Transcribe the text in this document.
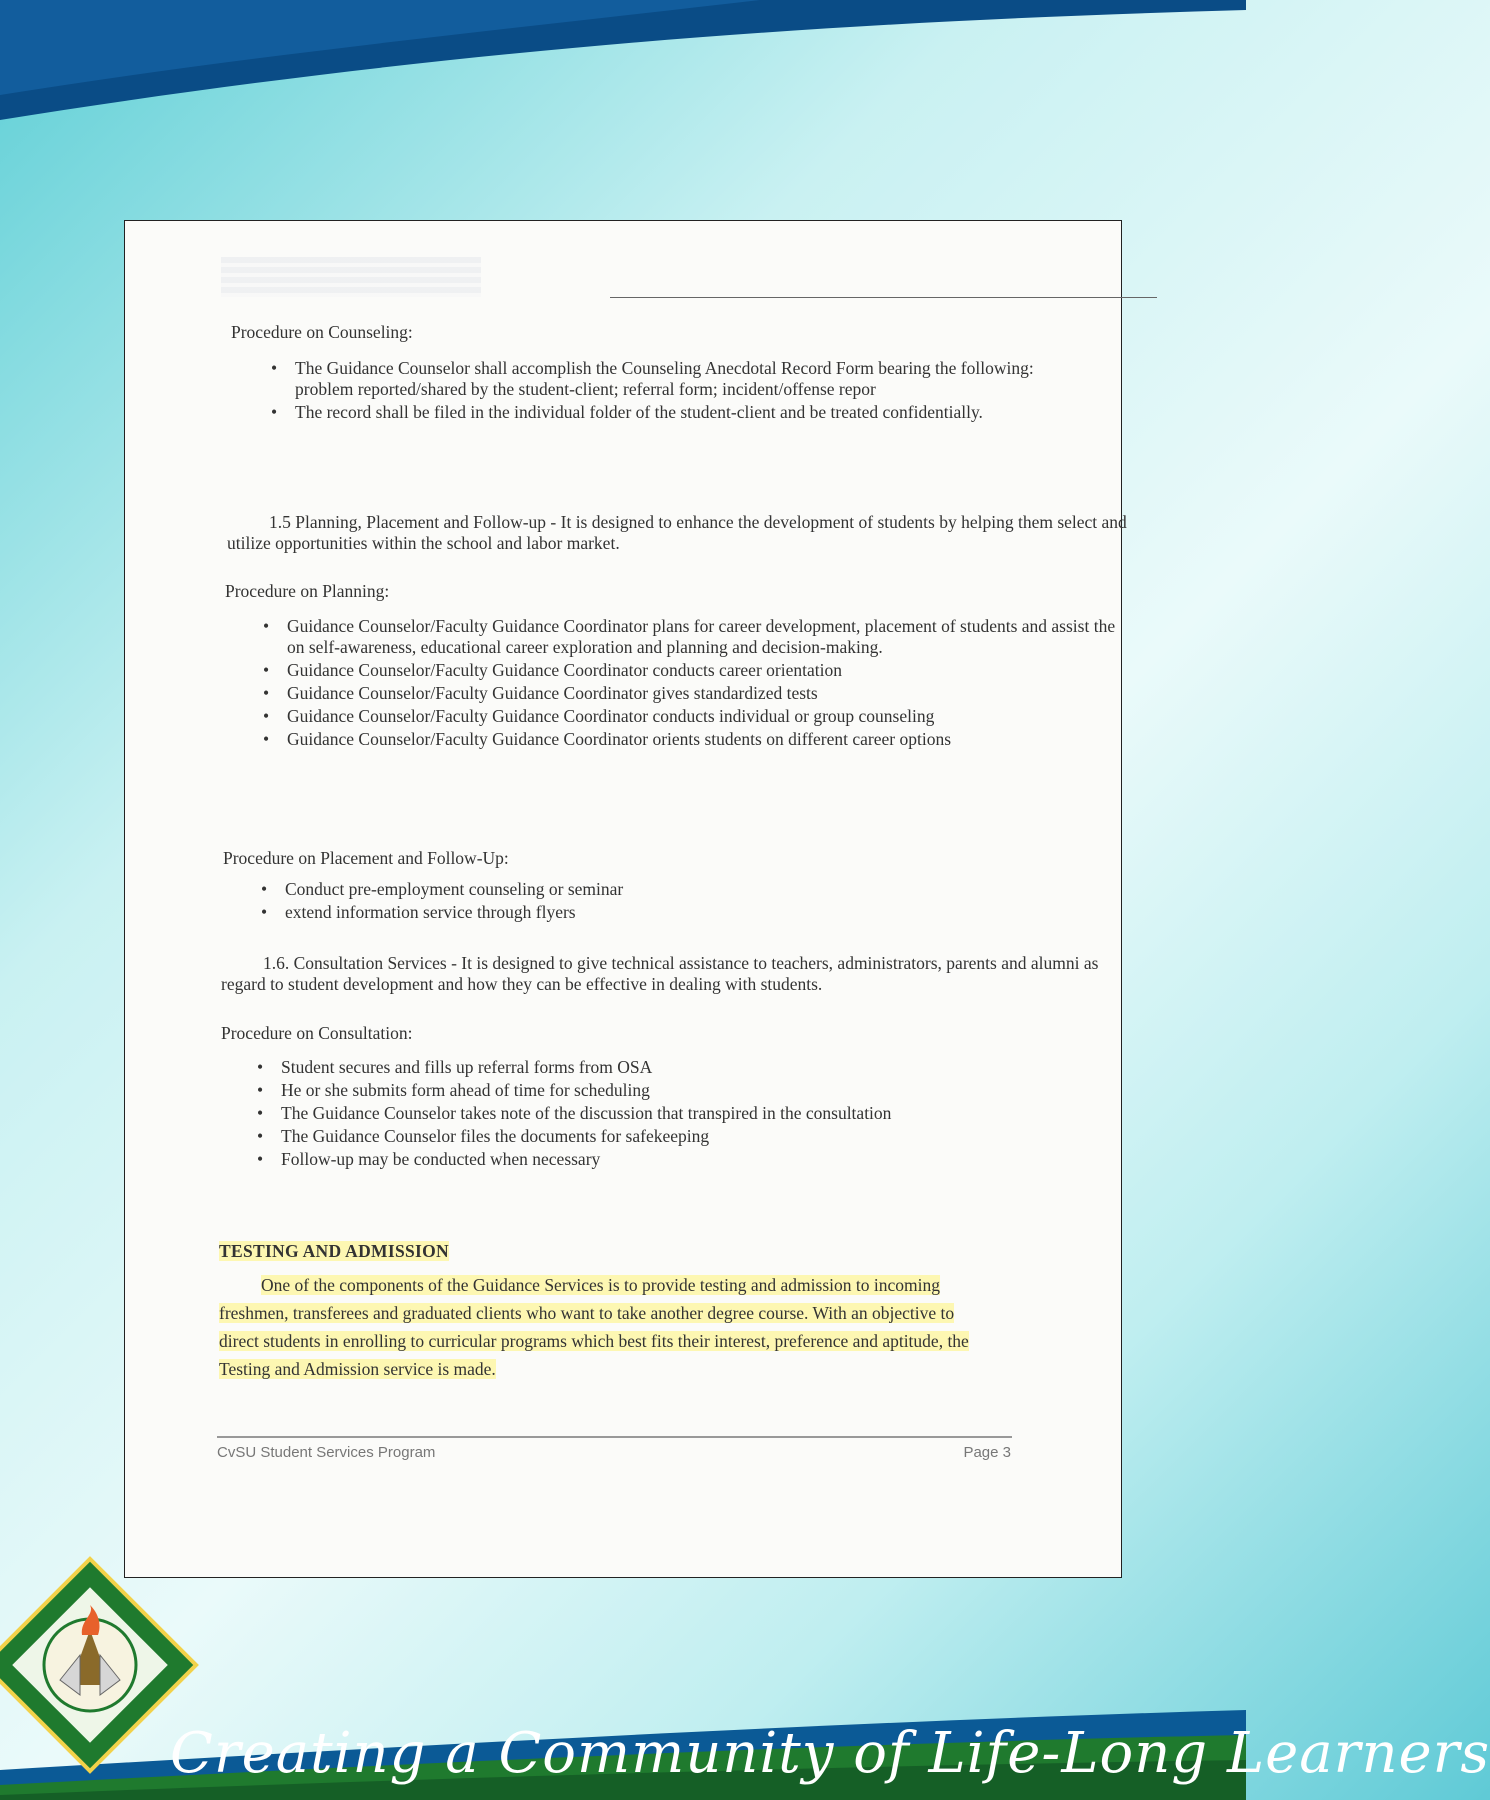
Procedure on Counseling:
• The Guidance Counselor shall accomplish the Counseling Anecdotal Record Form bearing the following: problem reported/shared by the student-client; referral form; incident/offense repor
• The record shall be filed in the individual folder of the student-client and be treated confidentially.
1.5 Planning, Placement and Follow-up - It is designed to enhance the development of students by helping them select and utilize opportunities within the school and labor market.
Procedure on Planning:
• Guidance Counselor/Faculty Guidance Coordinator plans for career development, placement of students and assist the on self-awareness, educational career exploration and planning and decision-making.
• Guidance Counselor/Faculty Guidance Coordinator conducts career orientation
• Guidance Counselor/Faculty Guidance Coordinator gives standardized tests
• Guidance Counselor/Faculty Guidance Coordinator conducts individual or group counseling
• Guidance Counselor/Faculty Guidance Coordinator orients students on different career options
Procedure on Placement and Follow-Up:
• Conduct pre-employment counseling or seminar
• extend information service through flyers
1.6. Consultation Services - It is designed to give technical assistance to teachers, administrators, parents and alumni as regard to student development and how they can be effective in dealing with students.
Procedure on Consultation:
• Student secures and fills up referral forms from OSA
• He or she submits form ahead of time for scheduling
• The Guidance Counselor takes note of the discussion that transpired in the consultation
• The Guidance Counselor files the documents for safekeeping
• Follow-up may be conducted when necessary
TESTING AND ADMISSION
One of the components of the Guidance Services is to provide testing and admission to incoming freshmen, transferees and graduated clients who want to take another degree course. With an objective to direct students in enrolling to curricular programs which best fits their interest, preference and aptitude, the Testing and Admission service is made.
CvSU Student Services Program	Page 3
Creating a Community of Life-Long Learners
